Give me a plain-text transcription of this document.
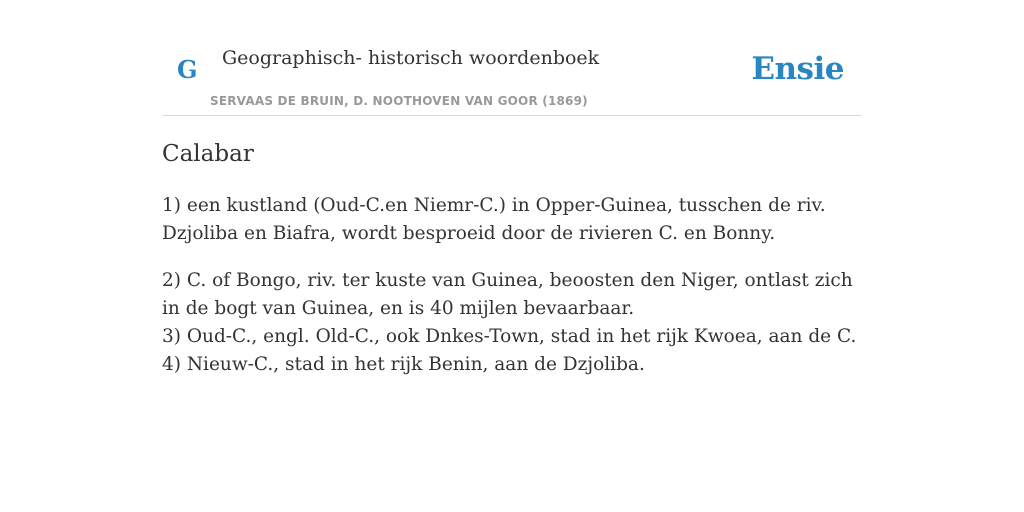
G Geographisch- historisch woordenboek
SERVAAS DE BRUIN, D. NOOTHOVEN VAN GOOR (1869)
Ensie
Calabar

1) een kustland (Oud-C.en Niemr-C.) in Opper-Guinea, tusschen de riv. Dzjoliba en Biafra, wordt besproeid door de rivieren C. en Bonny.

2) C. of Bongo, riv. ter kuste van Guinea, beoosten den Niger, ontlast zich in de bogt van Guinea, en is 40 mijlen bevaarbaar.
3) Oud-C., engl. Old-C., ook Dnkes-Town, stad in het rijk Kwoea, aan de C.
4) Nieuw-C., stad in het rijk Benin, aan de Dzjoliba.
